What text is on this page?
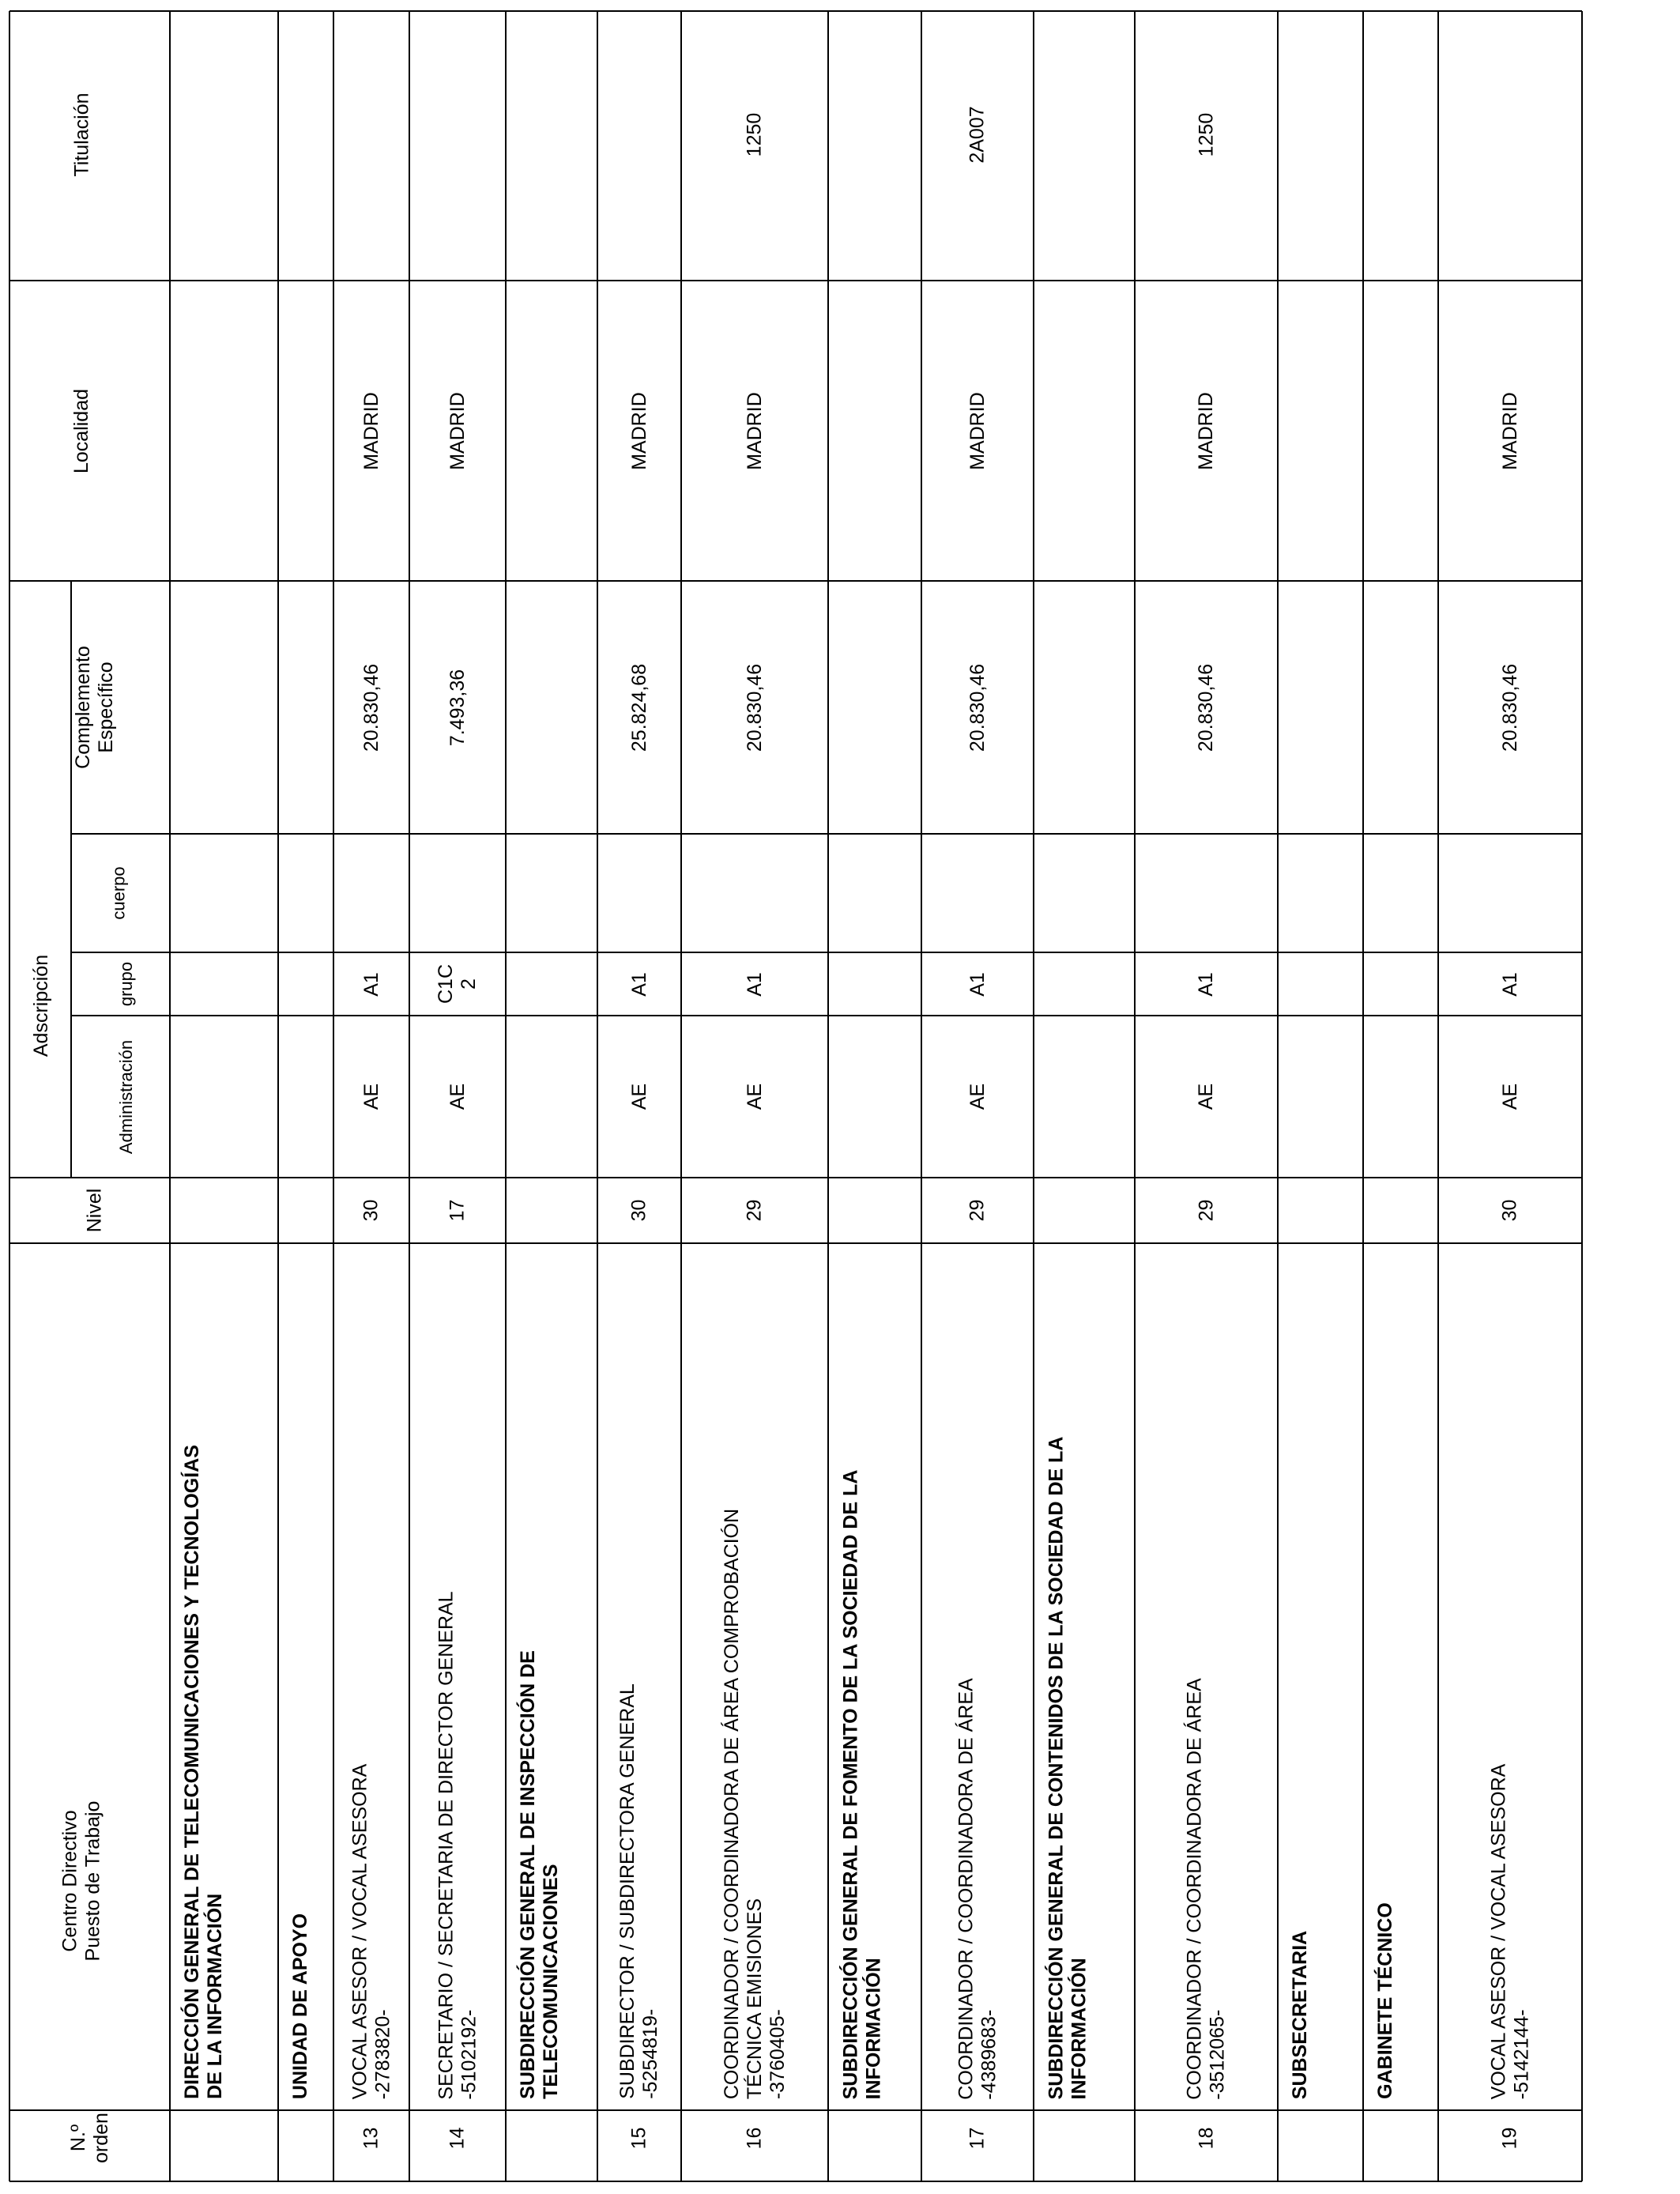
N.º
orden
Centro Directivo
Puesto de Trabajo
Nivel
Adscripción
Administración
grupo
cuerpo
Complemento
Específico
Localidad
Titulación
DIRECCIÓN GENERAL DE TELECOMUNICACIONES Y TECNOLOGÍAS
DE LA INFORMACIÓN	UNIDAD DE APOYO
13
VOCAL ASESOR / VOCAL ASESORA
-2783820-
30
AE
A1
20.830,46
MADRID
14
SECRETARIO / SECRETARIA DE DIRECTOR GENERAL
-5102192-
17
AE
C1C
2
7.493,36
MADRID
SUBDIRECCIÓN GENERAL DE INSPECCIÓN DE
TELECOMUNICACIONES
15
SUBDIRECTOR / SUBDIRECTORA GENERAL
-5254819-
30
AE
A1
25.824,68
MADRID
16
COORDINADOR / COORDINADORA DE ÁREA COMPROBACIÓN
TÉCNICA EMISIONES
-3760405-
29
AE
A1
20.830,46
MADRID
1250
SUBDIRECCIÓN GENERAL DE FOMENTO DE LA SOCIEDAD DE LA
INFORMACIÓN
17
COORDINADOR / COORDINADORA DE ÁREA
-4389683-
29
AE
A1
20.830,46
MADRID
2A007
SUBDIRECCIÓN GENERAL DE CONTENIDOS DE LA SOCIEDAD DE LA
INFORMACIÓN
18
COORDINADOR / COORDINADORA DE ÁREA
-3512065-
29
AE
A1
20.830,46
MADRID
1250
SUBSECRETARIA	GABINETE TÉCNICO
19
VOCAL ASESOR / VOCAL ASESORA
-5142144-
30
AE
A1
20.830,46
MADRID
